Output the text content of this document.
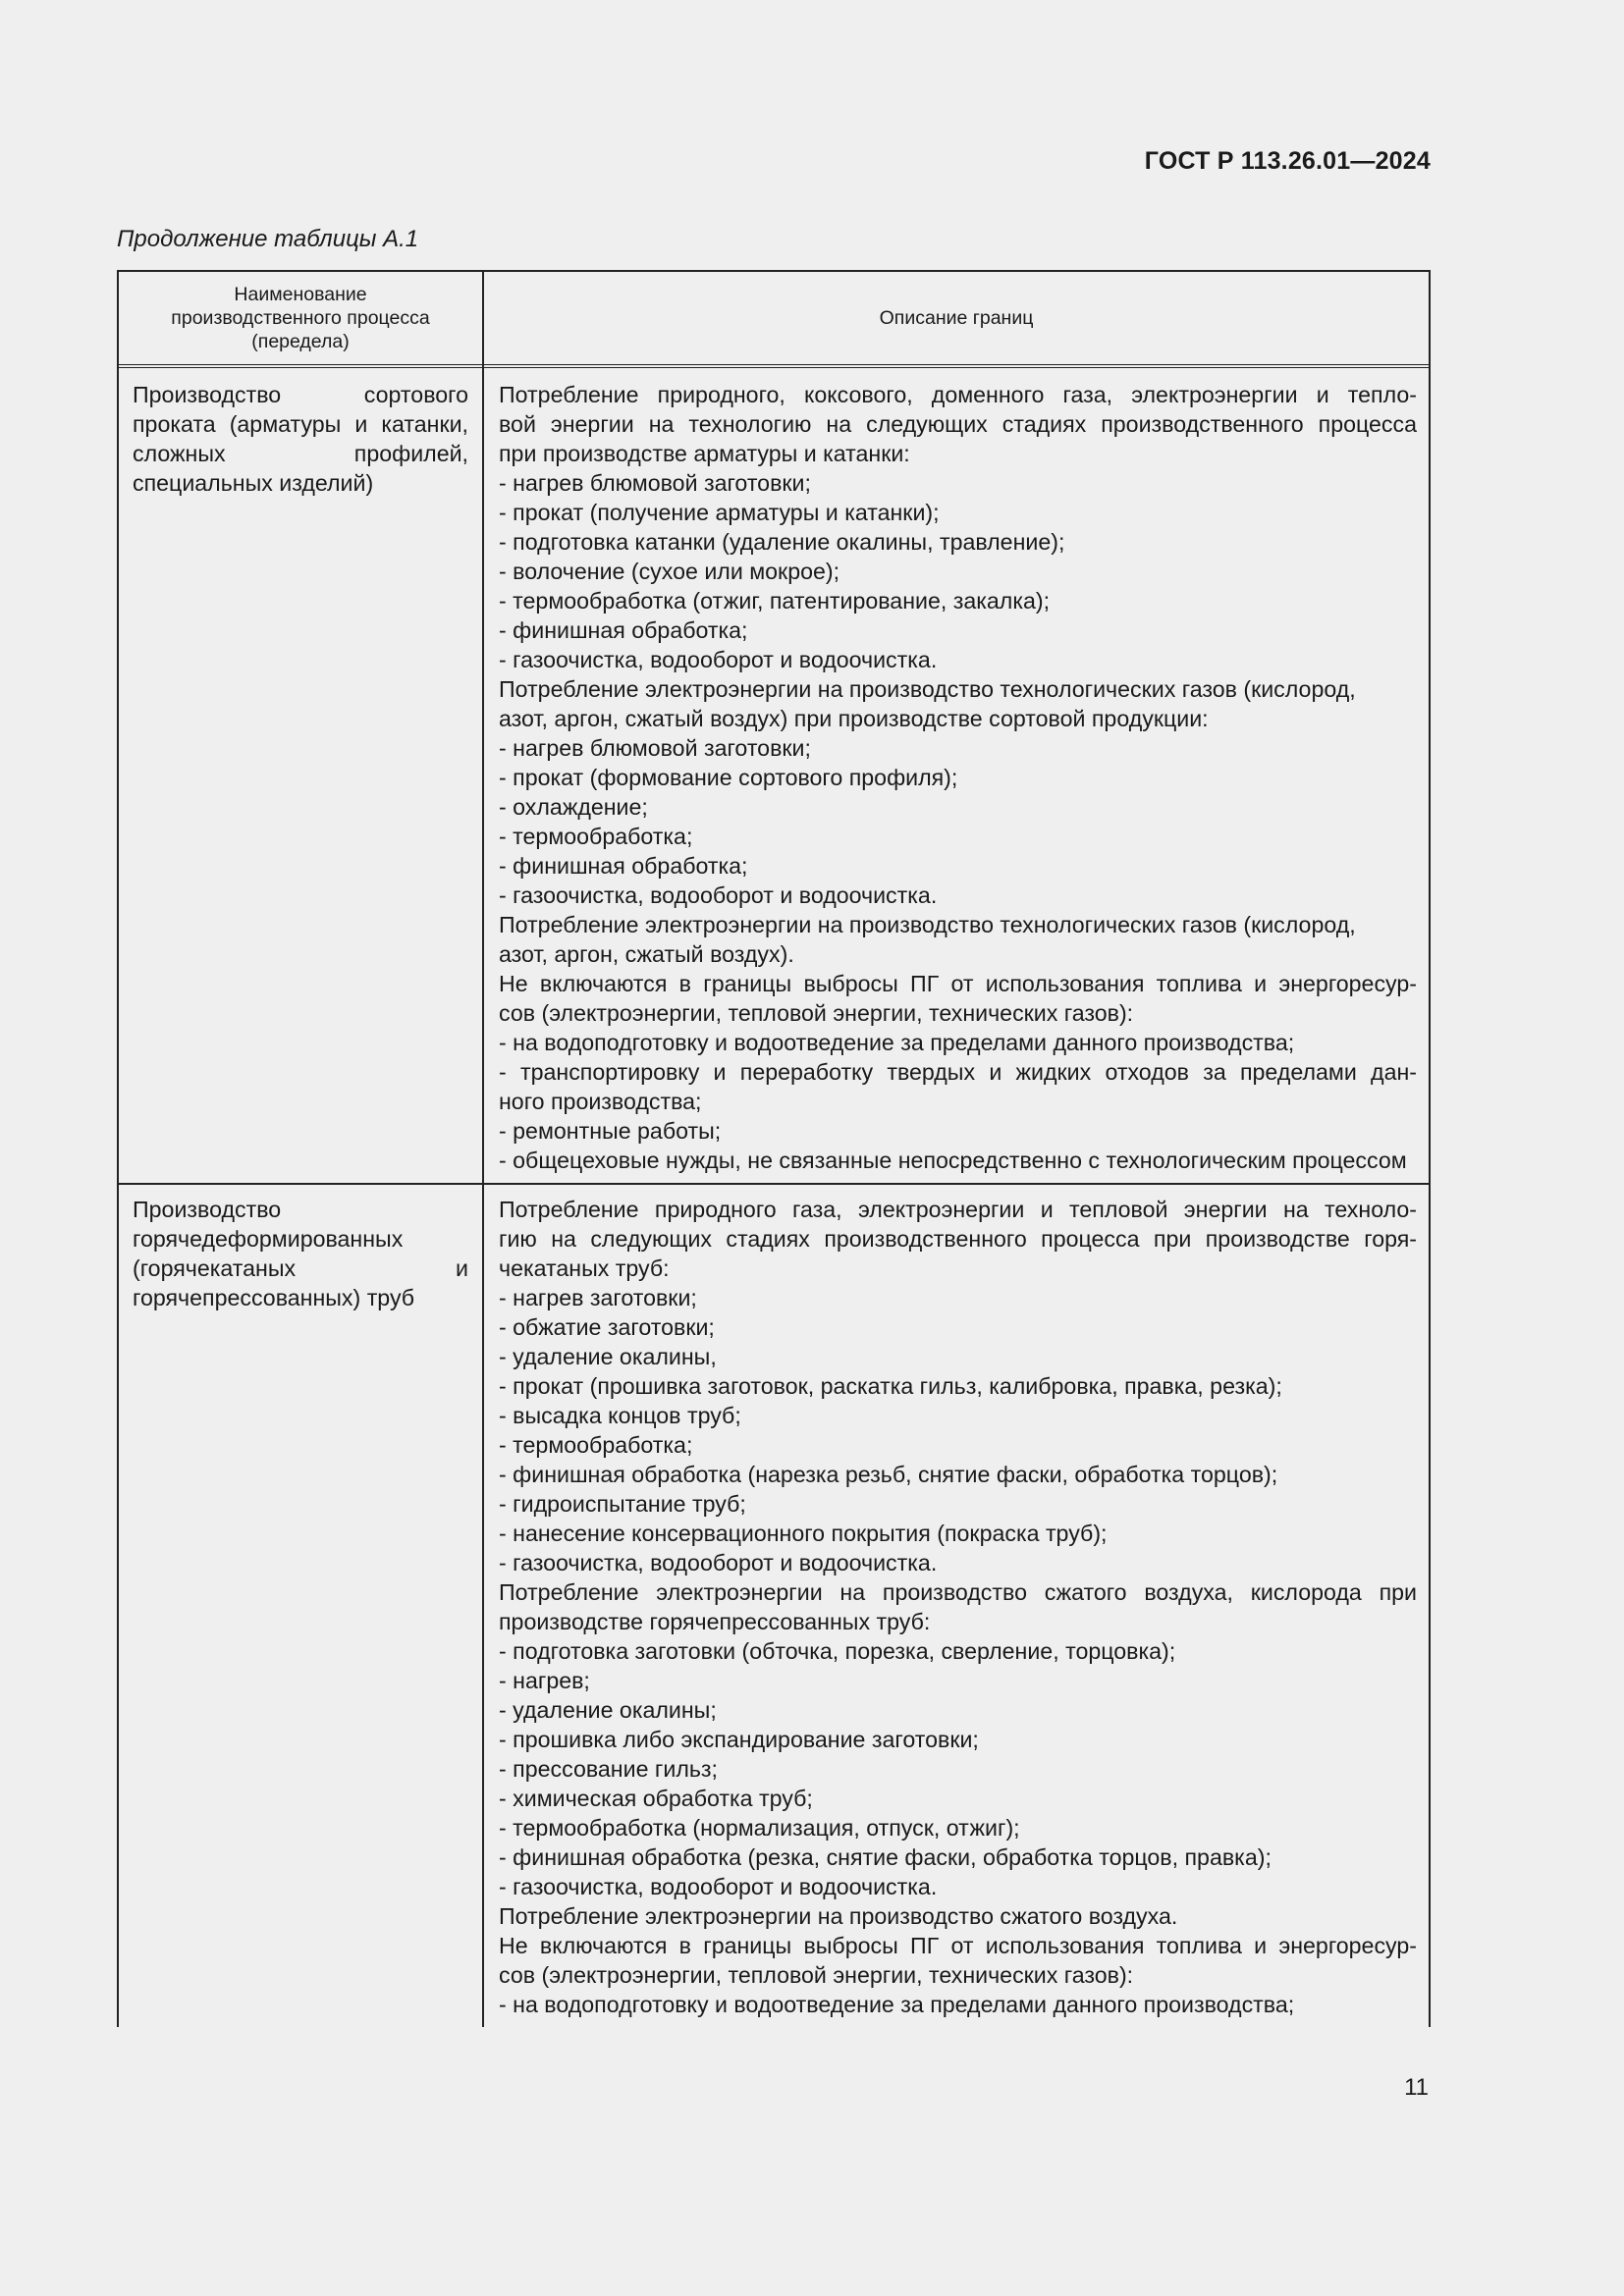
ГОСТ Р 113.26.01—2024
Продолжение таблицы А.1
Наименование
производственного процесса
(передела)
Описание границ
Производство сортового проката (арматуры и катанки, сложных профилей, специальных изделий)
Потребление природного, коксового, доменного газа, электроэнергии и тепло-
вой энергии на технологию на следующих стадиях производственного процесса
при производстве арматуры и катанки:
- нагрев блюмовой заготовки;
- прокат (получение арматуры и катанки);
- подготовка катанки (удаление окалины, травление);
- волочение (сухое или мокрое);
- термообработка (отжиг, патентирование, закалка);
- финишная обработка;
- газоочистка, водооборот и водоочистка.
Потребление электроэнергии на производство технологических газов (кислород,
азот, аргон, сжатый воздух) при производстве сортовой продукции:
- нагрев блюмовой заготовки;
- прокат (формование сортового профиля);
- охлаждение;
- термообработка;
- финишная обработка;
- газоочистка, водооборот и водоочистка.
Потребление электроэнергии на производство технологических газов (кислород,
азот, аргон, сжатый воздух).
Не включаются в границы выбросы ПГ от использования топлива и энергоресур-
сов (электроэнергии, тепловой энергии, технических газов):
- на водоподготовку и водоотведение за пределами данного производства;
- транспортировку и переработку твердых и жидких отходов за пределами дан-
ного производства;
- ремонтные работы;
- общецеховые нужды, не связанные непосредственно с технологическим процессом
Производство горячедеформированных (горячекатаных и горячепрессованных) труб
Потребление природного газа, электроэнергии и тепловой энергии на техноло-
гию на следующих стадиях производственного процесса при производстве горя-
чекатаных труб:
- нагрев заготовки;
- обжатие заготовки;
- удаление окалины,
- прокат (прошивка заготовок, раскатка гильз, калибровка, правка, резка);
- высадка концов труб;
- термообработка;
- финишная обработка (нарезка резьб, снятие фаски, обработка торцов);
- гидроиспытание труб;
- нанесение консервационного покрытия (покраска труб);
- газоочистка, водооборот и водоочистка.
Потребление электроэнергии на производство сжатого воздуха, кислорода при
производстве горячепрессованных труб:
- подготовка заготовки (обточка, порезка, сверление, торцовка);
- нагрев;
- удаление окалины;
- прошивка либо экспандирование заготовки;
- прессование гильз;
- химическая обработка труб;
- термообработка (нормализация, отпуск, отжиг);
- финишная обработка (резка, снятие фаски, обработка торцов, правка);
- газоочистка, водооборот и водоочистка.
Потребление электроэнергии на производство сжатого воздуха.
Не включаются в границы выбросы ПГ от использования топлива и энергоресур-
сов (электроэнергии, тепловой энергии, технических газов):
- на водоподготовку и водоотведение за пределами данного производства;
11
